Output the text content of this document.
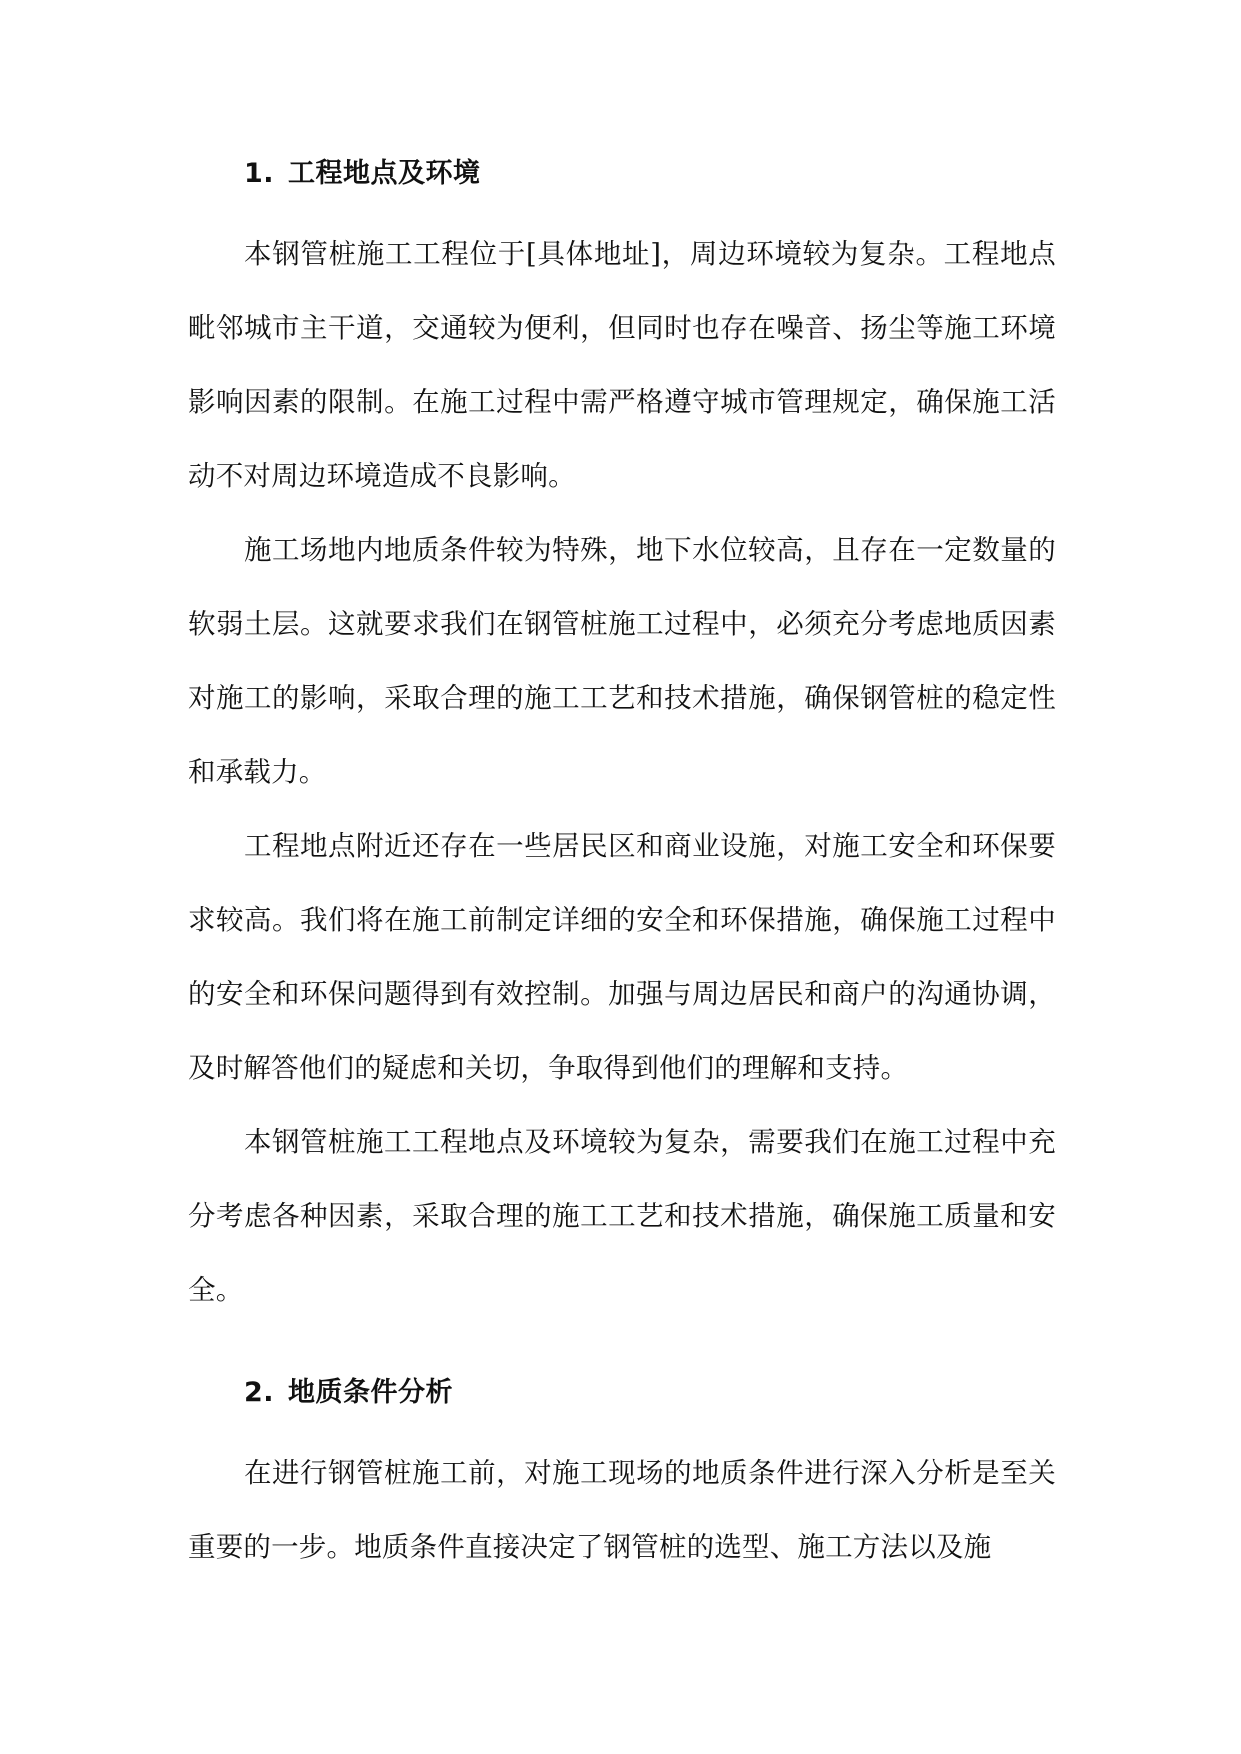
1. 工程地点及环境

本钢管桩施工工程位于[具体地址]，周边环境较为复杂。工程地点毗邻城市主干道，交通较为便利，但同时也存在噪音、扬尘等施工环境影响因素的限制。在施工过程中需严格遵守城市管理规定，确保施工活动不对周边环境造成不良影响。

施工场地内地质条件较为特殊，地下水位较高，且存在一定数量的软弱土层。这就要求我们在钢管桩施工过程中，必须充分考虑地质因素对施工的影响，采取合理的施工工艺和技术措施，确保钢管桩的稳定性和承载力。

工程地点附近还存在一些居民区和商业设施，对施工安全和环保要求较高。我们将在施工前制定详细的安全和环保措施，确保施工过程中的安全和环保问题得到有效控制。加强与周边居民和商户的沟通协调，及时解答他们的疑虑和关切，争取得到他们的理解和支持。

本钢管桩施工工程地点及环境较为复杂，需要我们在施工过程中充分考虑各种因素，采取合理的施工工艺和技术措施，确保施工质量和安全。

2. 地质条件分析

在进行钢管桩施工前，对施工现场的地质条件进行深入分析是至关重要的一步。地质条件直接决定了钢管桩的选型、施工方法以及施
